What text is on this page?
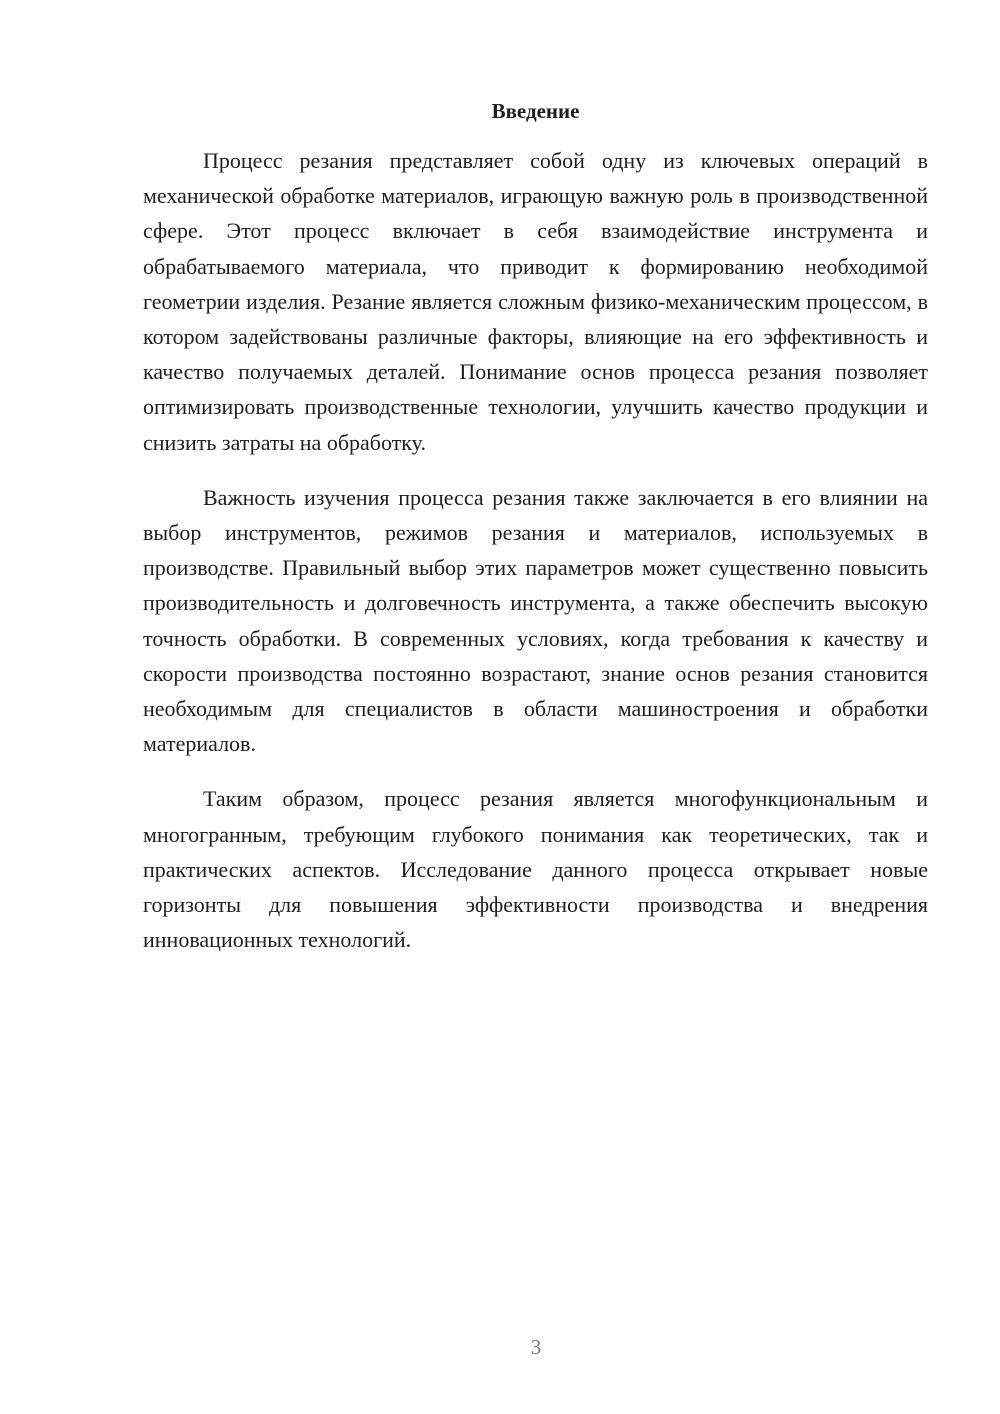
Введение

Процесс резания представляет собой одну из ключевых операций в механической обработке материалов, играющую важную роль в производственной сфере. Этот процесс включает в себя взаимодействие инструмента и обрабатываемого материала, что приводит к формированию необходимой геометрии изделия. Резание является сложным физико-механическим процессом, в котором задействованы различные факторы, влияющие на его эффективность и качество получаемых деталей. Понимание основ процесса резания позволяет оптимизировать производственные технологии, улучшить качество продукции и снизить затраты на обработку.

Важность изучения процесса резания также заключается в его влиянии на выбор инструментов, режимов резания и материалов, используемых в производстве. Правильный выбор этих параметров может существенно повысить производительность и долговечность инструмента, а также обеспечить высокую точность обработки. В современных условиях, когда требования к качеству и скорости производства постоянно возрастают, знание основ резания становится необходимым для специалистов в области машиностроения и обработки материалов.

Таким образом, процесс резания является многофункциональным и многогранным, требующим глубокого понимания как теоретических, так и практических аспектов. Исследование данного процесса открывает новые горизонты для повышения эффективности производства и внедрения инновационных технологий.

3
